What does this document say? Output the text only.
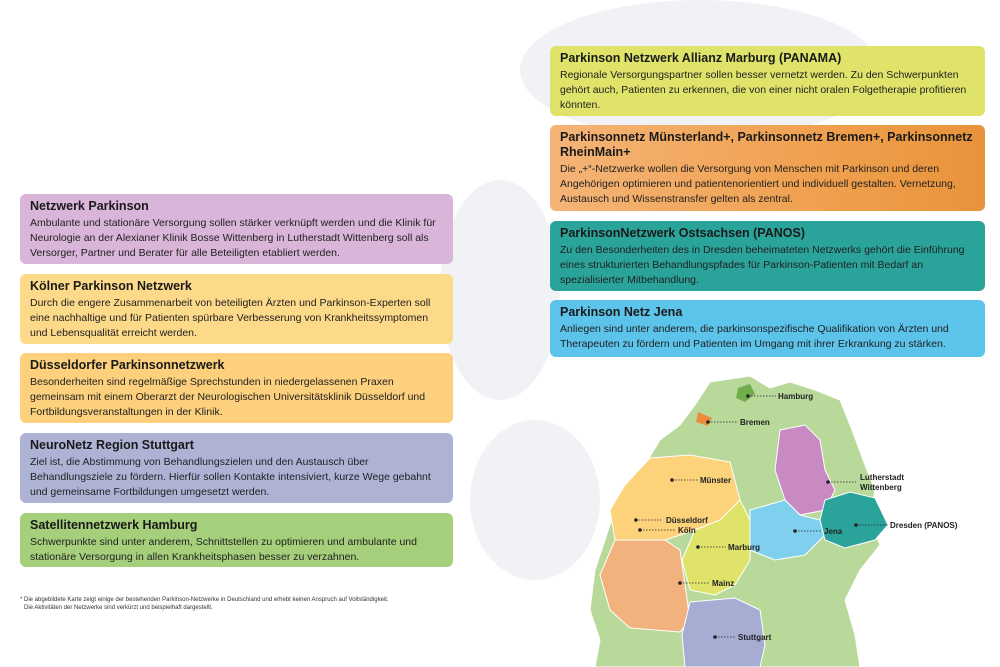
Netzwerk Parkinson

Ambulante und stationäre Versorgung sollen stärker verknüpft werden und die Klinik für Neurologie an der Alexianer Klinik Bosse Wittenberg in Lutherstadt Wittenberg soll als Versorger, Partner und Berater für alle Beteiligten etabliert werden.

Kölner Parkinson Netzwerk

Durch die engere Zusammenarbeit von beteiligten Ärzten und Parkinson-Experten soll eine nachhaltige und für Patienten spürbare Verbesserung von Krankheitssymptomen und Lebensqualität erreicht werden.

Düsseldorfer Parkinsonnetzwerk

Besonderheiten sind regelmäßige Sprechstunden in niedergelassenen Praxen gemeinsam mit einem Oberarzt der Neurologischen Universitätsklinik Düsseldorf und Fortbildungsveranstaltungen in der Klinik.

NeuroNetz Region Stuttgart

Ziel ist, die Abstimmung von Behandlungszielen und den Austausch über Behandlungsziele zu fördern. Hierfür sollen Kontakte intensiviert, kurze Wege gebahnt und gemeinsame Fortbildungen umgesetzt werden.

Satellitennetzwerk Hamburg

Schwerpunkte sind unter anderem, Schnittstellen zu optimieren und ambulante und stationäre Versorgung in allen Krankheitsphasen besser zu verzahnen.

* Die abgebildete Karte zeigt einige der bestehenden Parkinson-Netzwerke in Deutschland und erhebt keinen Anspruch auf Vollständigkeit.
Die Aktivitäten der Netzwerke sind verkürzt und beispielhaft dargestellt.
Parkinson Netzwerk Allianz Marburg (PANAMA)

Regionale Versorgungspartner sollen besser vernetzt werden. Zu den Schwerpunkten gehört auch, Patienten zu erkennen, die von einer nicht oralen Folgetherapie profitieren könnten.

Parkinsonnetz Münsterland+, Parkinsonnetz Bremen+, Parkinsonnetz RheinMain+

Die „+“-Netzwerke wollen die Versorgung von Menschen mit Parkinson und deren Angehörigen optimieren und patientenorientiert und individuell gestalten. Vernetzung, Austausch und Wissenstransfer gelten als zentral.

ParkinsonNetzwerk Ostsachsen (PANOS)

Zu den Besonderheiten des in Dresden beheimateten Netzwerks gehört die Einführung eines strukturierten Behandlungspfades für Parkinson-Patienten mit Bedarf an spezialisierter Mitbehandlung.

Parkinson Netz Jena

Anliegen sind unter anderem, die parkinsonspezifische Qualifikation von Ärzten und Therapeuten zu fördern und Patienten im Umgang mit ihrer Erkrankung zu stärken.

Hamburg
Bremen
Münster
Düsseldorf
Köln
Marburg
Mainz
Stuttgart
Jena
Dresden (PANOS)
Lutherstadt
Wittenberg
